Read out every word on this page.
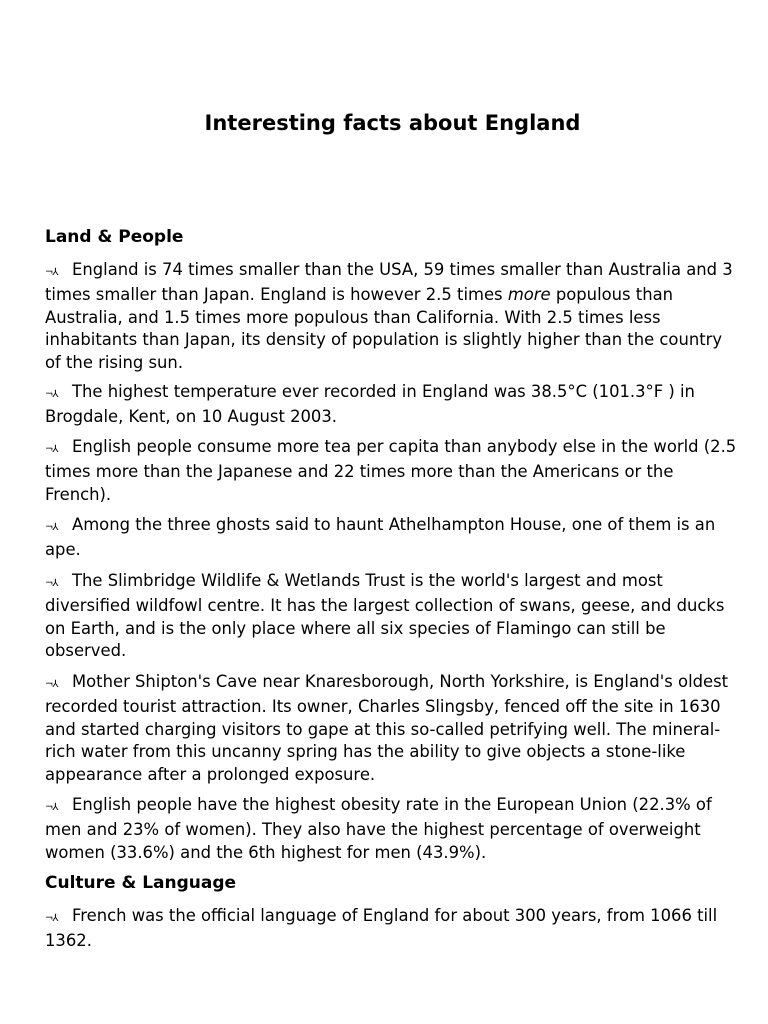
Interesting facts about England
Land & People

¬⅄ England is 74 times smaller than the USA, 59 times smaller than Australia and 3 times smaller than Japan. England is however 2.5 times more populous than Australia, and 1.5 times more populous than California. With 2.5 times less inhabitants than Japan, its density of population is slightly higher than the country of the rising sun.

¬⅄ The highest temperature ever recorded in England was 38.5°C (101.3°F ) in Brogdale, Kent, on 10 August 2003.

¬⅄ English people consume more tea per capita than anybody else in the world (2.5 times more than the Japanese and 22 times more than the Americans or the French).

¬⅄ Among the three ghosts said to haunt Athelhampton House, one of them is an ape.

¬⅄ The Slimbridge Wildlife & Wetlands Trust is the world's largest and most diversified wildfowl centre. It has the largest collection of swans, geese, and ducks on Earth, and is the only place where all six species of Flamingo can still be observed.

¬⅄ Mother Shipton's Cave near Knaresborough, North Yorkshire, is England's oldest recorded tourist attraction. Its owner, Charles Slingsby, fenced off the site in 1630 and started charging visitors to gape at this so-called petrifying well. The mineral-rich water from this uncanny spring has the ability to give objects a stone-like appearance after a prolonged exposure.

¬⅄ English people have the highest obesity rate in the European Union (22.3% of men and 23% of women). They also have the highest percentage of overweight women (33.6%) and the 6th highest for men (43.9%).

Culture & Language

¬⅄ French was the official language of England for about 300 years, from 1066 till 1362.
